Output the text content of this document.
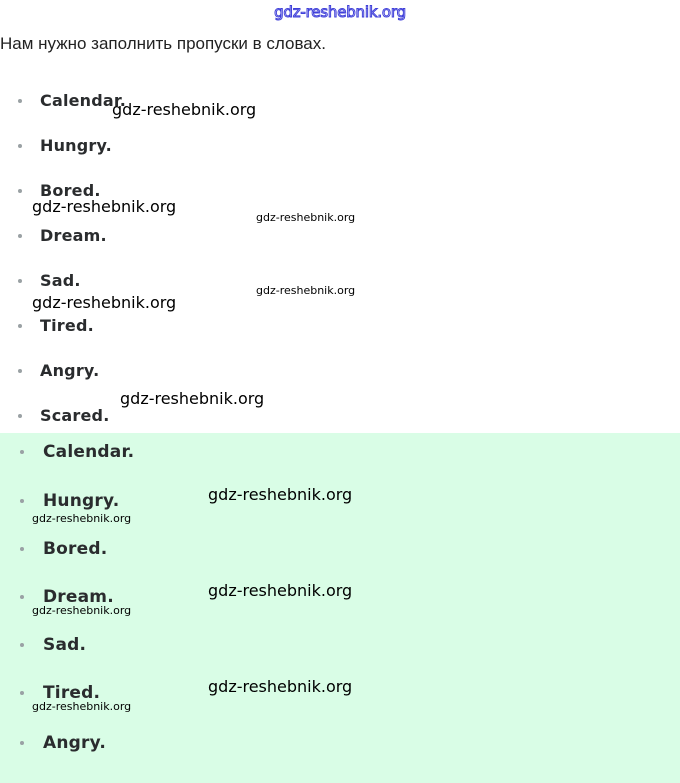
Calendar.
Hungry.
Bored.
Dream.
Sad.
Tired.
Angry.
Scared.
Calendar.
Hungry.
Bored.
Dream.
Sad.
Tired.
Angry.
gdz-reshebnik.org
Нам нужно заполнить пропуски в словах.
gdz-reshebnik.org
gdz-reshebnik.org
gdz-reshebnik.org
gdz-reshebnik.org
gdz-reshebnik.org
gdz-reshebnik.org
gdz-reshebnik.org
gdz-reshebnik.org
gdz-reshebnik.org
gdz-reshebnik.org
gdz-reshebnik.org
gdz-reshebnik.org
